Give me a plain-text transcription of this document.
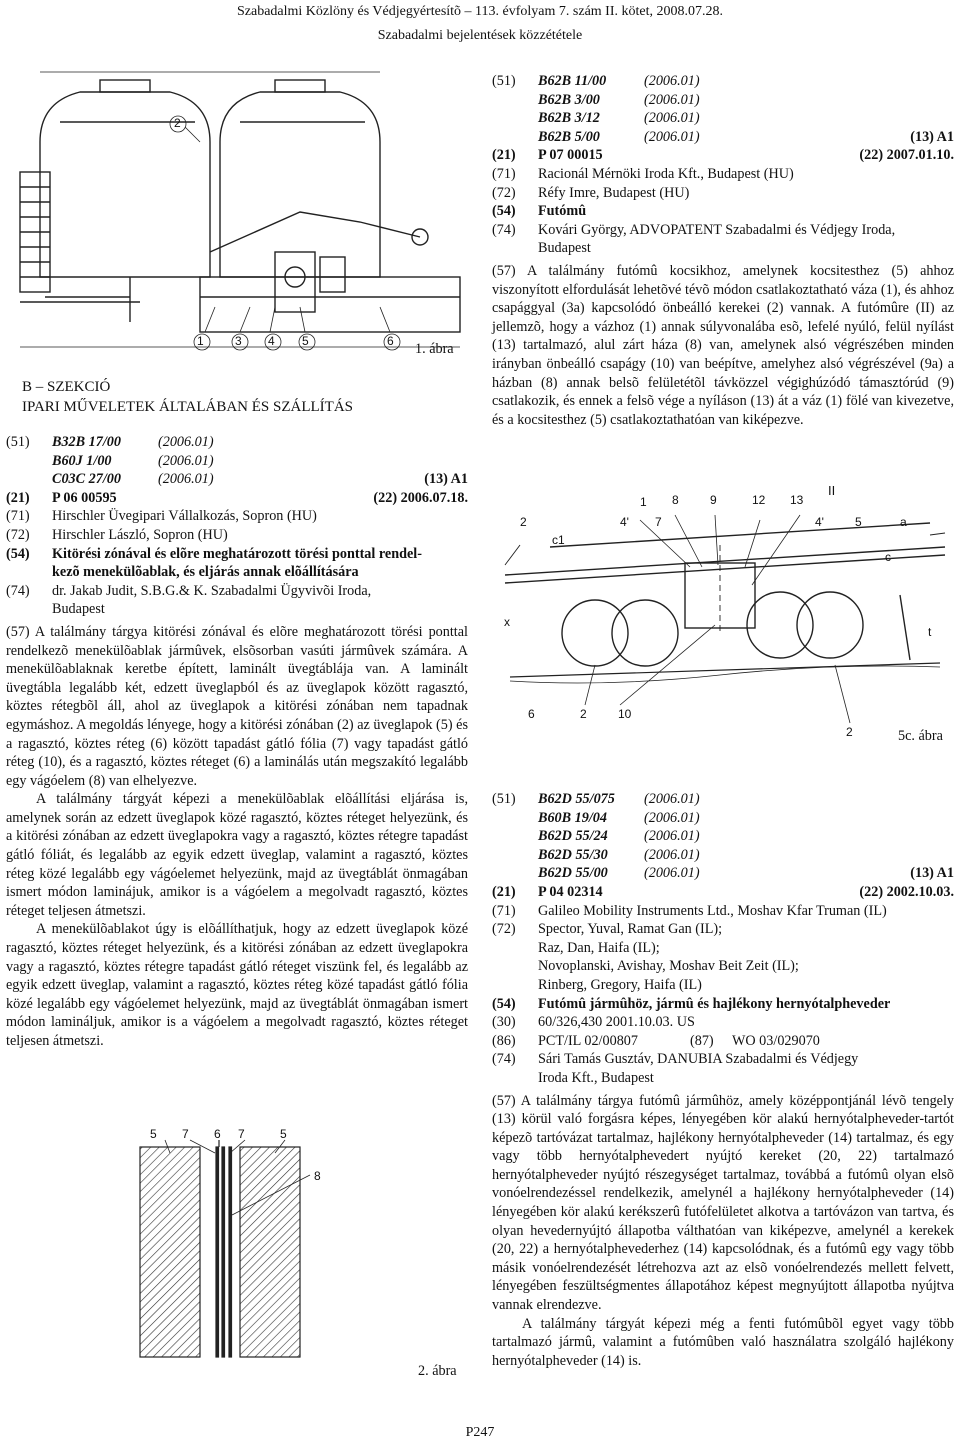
Szabadalmi Közlöny és Védjegyértesítõ – 113. évfolyam 7. szám II. kötet, 2008.07.28.
Szabadalmi bejelentések közzététele
1	3 4 5	6
2
1. ábra
B – SZEKCIÓ
IPARI MŰVELETEK ÁLTALÁBAN ÉS SZÁLLÍTÁS
(51) B32B 17/00	(2006.01)
B60J 1/00	(2006.01)
C03C 27/00	(2006.01)	(13) A1
(21) P 06 00595	(22) 2006.07.18.
(71) Hirschler Üvegipari Vállalkozás, Sopron (HU)
(72) Hirschler László, Sopron (HU)
(54) Kitörési zónával és elõre meghatározott törési ponttal rendel-
kezõ menekülõablak, és eljárás annak elõállítására
(74) dr. Jakab Judit, S.B.G.& K. Szabadalmi Ügyvivõi Iroda,
Budapest
(57) A találmány tárgya kitörési zónával és elõre meghatározott törési ponttal rendelkezõ menekülõablak jármûvek, elsõsorban vasúti jármûvek számára. A menekülõablaknak keretbe épített, laminált üvegtáblája van. A laminált üvegtábla legalább két, edzett üveglapból és az üveglapok között ragasztó, köztes rétegbõl áll, ahol az üveglapok a kitörési zónában nem tapadnak egymáshoz. A megoldás lényege, hogy a kitörési zónában (2) az üveglapok (5) és a ragasztó, köztes réteg (6) között tapadást gátló fólia (7) vagy tapadást gátló réteg (10), és a ragasztó, köztes réteget (6) a laminálás után megszakító legalább egy vágóelem (8) van elhelyezve.
A találmány tárgyát képezi a menekülõablak elõállítási eljárása is, amelynek során az edzett üveglapok közé ragasztó, köztes réteget helyezünk, és a kitörési zónában az edzett üveglapokra vagy a ragasztó, köztes rétegre tapadást gátló fóliát, és legalább az egyik edzett üveglap, valamint a ragasztó, köztes réteg közé legalább egy vágóelemet helyezünk, majd az üvegtáblát önmagában ismert módon laminájuk, amikor is a vágóelem a megolvadt ragasztó, köztes réteget teljesen átmetszi.
A menekülõablakot úgy is elõállíthatjuk, hogy az edzett üveglapok közé ragasztó, köztes réteget helyezünk, és a kitörési zónában az edzett üveglapokra vagy a ragasztó, köztes rétegre tapadást gátló réteget viszünk fel, és legalább az egyik edzett üveglap, valamint a ragasztó, köztes réteg közé tapadást gátló fólia közé legalább egy vágóelemet helyezünk, majd az üvegtáblát önmagában ismert módon lamináljuk, amikor is a vágóelem a megolvadt ragasztó, köztes réteget teljesen átmetszi.
5 7 6 7	5
8
2. ábra
(51) B62B 11/00	(2006.01)
B62B 3/00	(2006.01)
B62B 3/12	(2006.01)
B62B 5/00	(2006.01)	(13) A1
(21) P 07 00015	(22) 2007.01.10.
(71) Racionál Mérnöki Iroda Kft., Budapest (HU)
(72) Réfy Imre, Budapest (HU)
(54) Futómû
(74) Kovári György, ADVOPATENT Szabadalmi és Védjegy Iroda,
Budapest
(57) A találmány futómû kocsikhoz, amelynek kocsitesthez (5) ahhoz viszonyított elfordulását lehetõvé tévõ módon csatlakoztatható váza (1), és ahhoz csapággyal (3a) kapcsolódó önbeálló kerekei (2) vannak. A futómûre (II) az jellemzõ, hogy a vázhoz (1) annak súlyvonalába esõ, lefelé nyúló, felül nyílást (13) tartalmazó, alul zárt háza (8) van, amelynek alsó végrészében minden irányban önbeálló csapágy (10) van beépítve, amelyhez alsó végrészével (9a) a házban (8) annak belsõ felületétõl távközzel végighúzódó támasztórúd (9) csatlakozik, és ennek a felsõ vége a nyíláson (13) át a váz (1) fölé van kivezetve, és a kocsitesthez (5) csatlakoztathatóan van kiképezve.
1 8	9	12 13
II
2	4' 7	4'	5	a
c1
c
x
t
6	2	10
2	5c. ábra
(51) B62D 55/075 (2006.01)
B60B 19/04	(2006.01)
B62D 55/24	(2006.01)
B62D 55/30	(2006.01)
B62D 55/00	(2006.01)	(13) A1
(21) P 04 02314	(22) 2002.10.03.
(71) Galileo Mobility Instruments Ltd., Moshav Kfar Truman (IL)
(72) Spector, Yuval, Ramat Gan (IL);
Raz, Dan, Haifa (IL);
Novoplanski, Avishay, Moshav Beit Zeit (IL);
Rinberg, Gregory, Haifa (IL)
(54) Futómû jármûhöz, jármû és hajlékony hernyótalpheveder
(30) 60/326,430 2001.10.03. US
(86) PCT/IL 02/00807	(87) WO 03/029070
(74) Sári Tamás Gusztáv, DANUBIA Szabadalmi és Védjegy
Iroda Kft., Budapest
(57) A találmány tárgya futómû jármûhöz, amely középpontjánál lévõ tengely (13) körül való forgásra képes, lényegében kör alakú hernyótalpheveder-tartót képezõ tartóvázat tartalmaz, hajlékony hernyótalpheveder (14) tartalmaz, és egy vagy több hernyótalphevedert nyújtó kereket (20, 22) tartalmazó hernyótalpheveder nyújtó részegységet tartalmaz, továbbá a futómû olyan elsõ vonóelrendezéssel rendelkezik, amelynél a hajlékony hernyótalpheveder (14) lényegében kör alakú kerékszerû futófelületet alkotva a tartóvázon van tartva, és olyan hevedernyújtó állapotba válthatóan van kiképezve, amelynél a kerekek (20, 22) a hernyótalphevederhez (14) kapcsolódnak, és a futómû egy vagy több másik vonóelrendezését létrehozva azt az elsõ vonóelrendezés mellett felvett, lényegében feszültségmentes állapotához képest megnyújtott állapotba nyújtva vannak elrendezve.
A találmány tárgyát képezi még a fenti futómûbõl egyet vagy több tartalmazó jármû, valamint a futómûben való használatra szolgáló hajlékony hernyótalpheveder (14) is.
P247
